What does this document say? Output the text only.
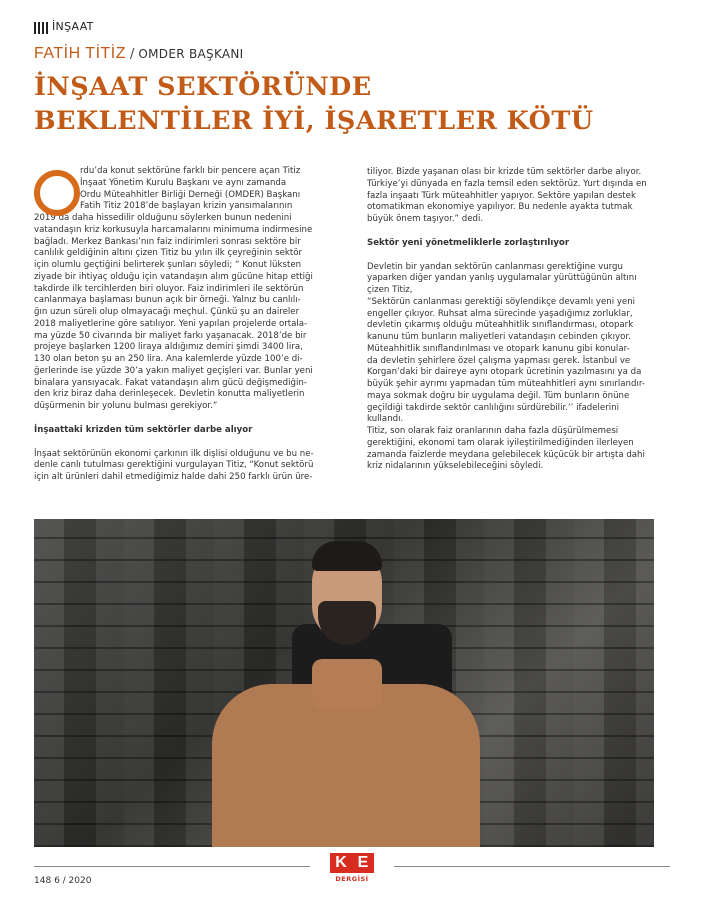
İNŞAAT
FATİH TİTİZ / OMDER BAŞKANI
İNŞAAT SEKTÖRÜNDE
BEKLENTİLER İYİ, İŞARETLER KÖTÜ

rdu’da konut sektörüne farklı bir pencere açan Titiz
İnşaat Yönetim Kurulu Başkanı ve aynı zamanda
Ordu Müteahhitler Birliği Derneği (OMDER) Başkanı
Fatih Titiz 2018’de başlayan krizin yansımalarının

2019’da daha hissedilir olduğunu söylerken bunun nedenini
vatandaşın kriz korkusuyla harcamalarını minimuma indirmesine
bağladı. Merkez Bankası’nın faiz indirimleri sonrası sektöre bir
canlılık geldiğinin altını çizen Titiz bu yılın ilk çeyreğinin sektör
için olumlu geçtiğini belirterek şunları söyledi; “ Konut lüksten
ziyade bir ihtiyaç olduğu için vatandaşın alım gücüne hitap ettiği
takdirde ilk tercihlerden biri oluyor. Faiz indirimleri ile sektörün
canlanmaya başlaması bunun açık bir örneği. Yalnız bu canlılı-
ğın uzun süreli olup olmayacağı meçhul. Çünkü şu an daireler
2018 maliyetlerine göre satılıyor. Yeni yapılan projelerde ortala-
ma yüzde 50 civarında bir maliyet farkı yaşanacak. 2018’de bir
projeye başlarken 1200 liraya aldığımız demiri şimdi 3400 lira,
130 olan beton şu an 250 lira. Ana kalemlerde yüzde 100’e di-
ğerlerinde ise yüzde 30’a yakın maliyet geçişleri var. Bunlar yeni
binalara yansıyacak. Fakat vatandaşın alım gücü değişmediğin-
den kriz biraz daha derinleşecek. Devletin konutta maliyetlerin
düşürmenin bir yolunu bulması gerekiyor.”

İnşaattaki krizden tüm sektörler darbe alıyor

İnşaat sektörünün ekonomi çarkının ilk dişlisi olduğunu ve bu ne-
denle canlı tutulması gerektiğini vurgulayan Titiz, “Konut sektörü
için alt ürünleri dahil etmediğimiz halde dahi 250 farklı ürün üre-

tiliyor. Bizde yaşanan olası bir krizde tüm sektörler darbe alıyor.
Türkiye’yi dünyada en fazla temsil eden sektörüz. Yurt dışında en
fazla inşaatı Türk müteahhitler yapıyor. Sektöre yapılan destek
otomatikman ekonomiye yapılıyor. Bu nedenle ayakta tutmak
büyük önem taşıyor.” dedi.

Sektör yeni yönetmeliklerle zorlaştırılıyor

Devletin bir yandan sektörün canlanması gerektiğine vurgu
yaparken diğer yandan yanlış uygulamalar yürüttüğünün altını
çizen Titiz,
“Sektörün canlanması gerektiği söylendikçe devamlı yeni yeni
engeller çıkıyor. Ruhsat alma sürecinde yaşadığımız zorluklar,
devletin çıkarmış olduğu müteahhitlik sınıflandırması, otopark
kanunu tüm bunların maliyetleri vatandaşın cebinden çıkıyor.
Müteahhitlik sınıflandırılması ve otopark kanunu gibi konular-
da devletin şehirlere özel çalışma yapması gerek. İstanbul ve
Korgan’daki bir daireye aynı otopark ücretinin yazılmasını ya da
büyük şehir ayrımı yapmadan tüm müteahhitleri aynı sınırlandır-
maya sokmak doğru bir uygulama değil. Tüm bunların önüne
geçildiği takdirde sektör canlılığını sürdürebilir.’’ ifadelerini
kullandı.
Titiz, son olarak faiz oranlarının daha fazla düşürülmemesi
gerektiğini, ekonomi tam olarak iyileştirilmediğinden ilerleyen
zamanda faizlerde meydana gelebilecek küçücük bir artışta dahi
kriz nidalarının yükselebileceğini söyledi.

148 6 / 2020
K E
DERGİSİ
